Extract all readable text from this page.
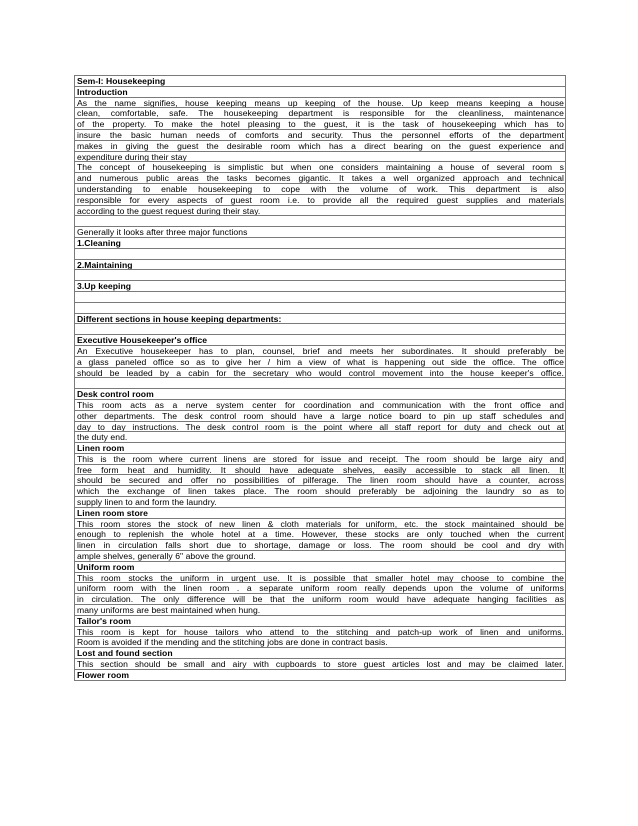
Sem-I: Housekeeping
Introduction
As the name signifies, house keeping means up keeping of the house. Up keep means keeping a house
clean, comfortable, safe. The housekeeping department is responsible for the cleanliness, maintenance
of the property. To make the hotel pleasing to the guest, it is the task of housekeeping which has to
insure the basic human needs of comforts and security. Thus the personnel efforts of the department
makes in giving the guest the desirable room which has a direct bearing on the guest experience and
expenditure during their stay
The concept of housekeeping is simplistic but when one considers maintaining a house of several room s
and numerous public areas the tasks becomes gigantic. It takes a well organized approach and technical
understanding to enable housekeeping to cope with the volume of work. This department is also
responsible for every aspects of guest room i.e. to provide all the required guest supplies and materials
according to the guest request during their stay.
Generally it looks after three major functions
1.Cleaning
2.Maintaining
3.Up keeping
Different sections in house keeping departments:
Executive Housekeeper's office
An Executive housekeeper has to plan, counsel, brief and meets her subordinates. It should preferably be
a glass paneled office so as to give her / him a view of what is happening out side the office. The office
should be leaded by a cabin for the secretary who would control movement into the house keeper's office.
Desk control room
This room acts as a nerve system center for coordination and communication with the front office and
other departments. The desk control room should have a large notice board to pin up staff schedules and
day to day instructions. The desk control room is the point where all staff report for duty and check out at
the duty end.
Linen room
This is the room where current linens are stored for issue and receipt. The room should be large airy and
free form heat and humidity. It should have adequate shelves, easily accessible to stack all linen. It
should be secured and offer no possibilities of pilferage. The linen room should have a counter, across
which the exchange of linen takes place. The room should preferably be adjoining the laundry so as to
supply linen to and form the laundry.
Linen room store
This room stores the stock of new linen & cloth materials for uniform, etc. the stock maintained should be
enough to replenish the whole hotel at a time. However, these stocks are only touched when the current
linen in circulation falls short due to shortage, damage or loss. The room should be cool and dry with
ample shelves, generally 6" above the ground.
Uniform room
This room stocks the uniform in urgent use. It is possible that smaller hotel may choose to combine the
uniform room with the linen room . a separate uniform room really depends upon the volume of uniforms
in circulation. The only difference will be that the uniform room would have adequate hanging facilities as
many uniforms are best maintained when hung.
Tailor's room
This room is kept for house tailors who attend to the stitching and patch-up work of linen and uniforms.
Room is avoided if the mending and the stitching jobs are done in contract basis.
Lost and found section
This section should be small and airy with cupboards to store guest articles lost and may be claimed later.
Flower room
